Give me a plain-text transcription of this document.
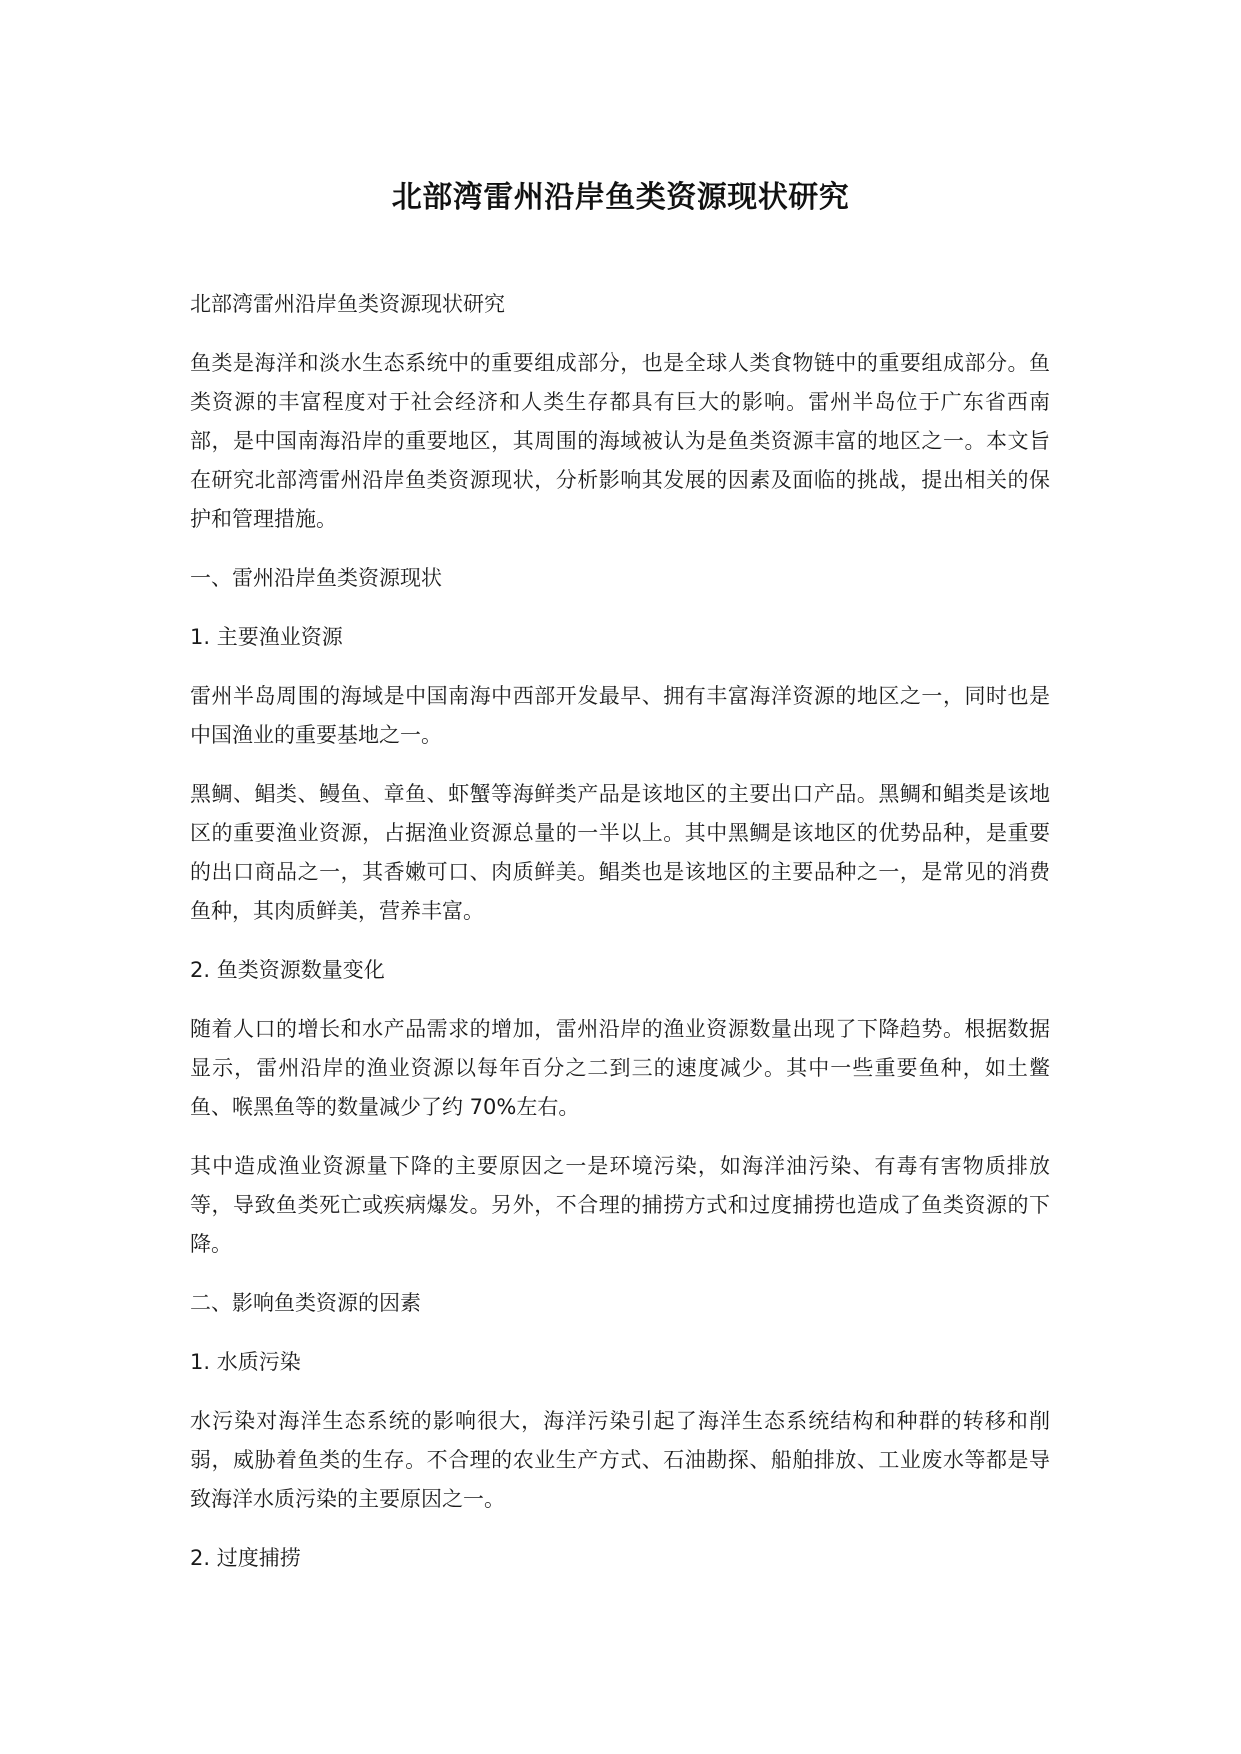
北部湾雷州沿岸鱼类资源现状研究

北部湾雷州沿岸鱼类资源现状研究

鱼类是海洋和淡水生态系统中的重要组成部分，也是全球人类食物链中的重要组成部分。鱼类资源的丰富程度对于社会经济和人类生存都具有巨大的影响。雷州半岛位于广东省西南部，是中国南海沿岸的重要地区，其周围的海域被认为是鱼类资源丰富的地区之一。本文旨在研究北部湾雷州沿岸鱼类资源现状，分析影响其发展的因素及面临的挑战，提出相关的保护和管理措施。

一、雷州沿岸鱼类资源现状

1. 主要渔业资源

雷州半岛周围的海域是中国南海中西部开发最早、拥有丰富海洋资源的地区之一，同时也是中国渔业的重要基地之一。

黑鲷、鲳类、鳗鱼、章鱼、虾蟹等海鲜类产品是该地区的主要出口产品。黑鲷和鲳类是该地区的重要渔业资源，占据渔业资源总量的一半以上。其中黑鲷是该地区的优势品种，是重要的出口商品之一，其香嫩可口、肉质鲜美。鲳类也是该地区的主要品种之一，是常见的消费鱼种，其肉质鲜美，营养丰富。

2. 鱼类资源数量变化

随着人口的增长和水产品需求的增加，雷州沿岸的渔业资源数量出现了下降趋势。根据数据显示，雷州沿岸的渔业资源以每年百分之二到三的速度减少。其中一些重要鱼种，如土鳖鱼、喉黑鱼等的数量减少了约 70%左右。

其中造成渔业资源量下降的主要原因之一是环境污染，如海洋油污染、有毒有害物质排放等，导致鱼类死亡或疾病爆发。另外，不合理的捕捞方式和过度捕捞也造成了鱼类资源的下降。

二、影响鱼类资源的因素

1. 水质污染

水污染对海洋生态系统的影响很大，海洋污染引起了海洋生态系统结构和种群的转移和削弱，威胁着鱼类的生存。不合理的农业生产方式、石油勘探、船舶排放、工业废水等都是导致海洋水质污染的主要原因之一。

2. 过度捕捞
